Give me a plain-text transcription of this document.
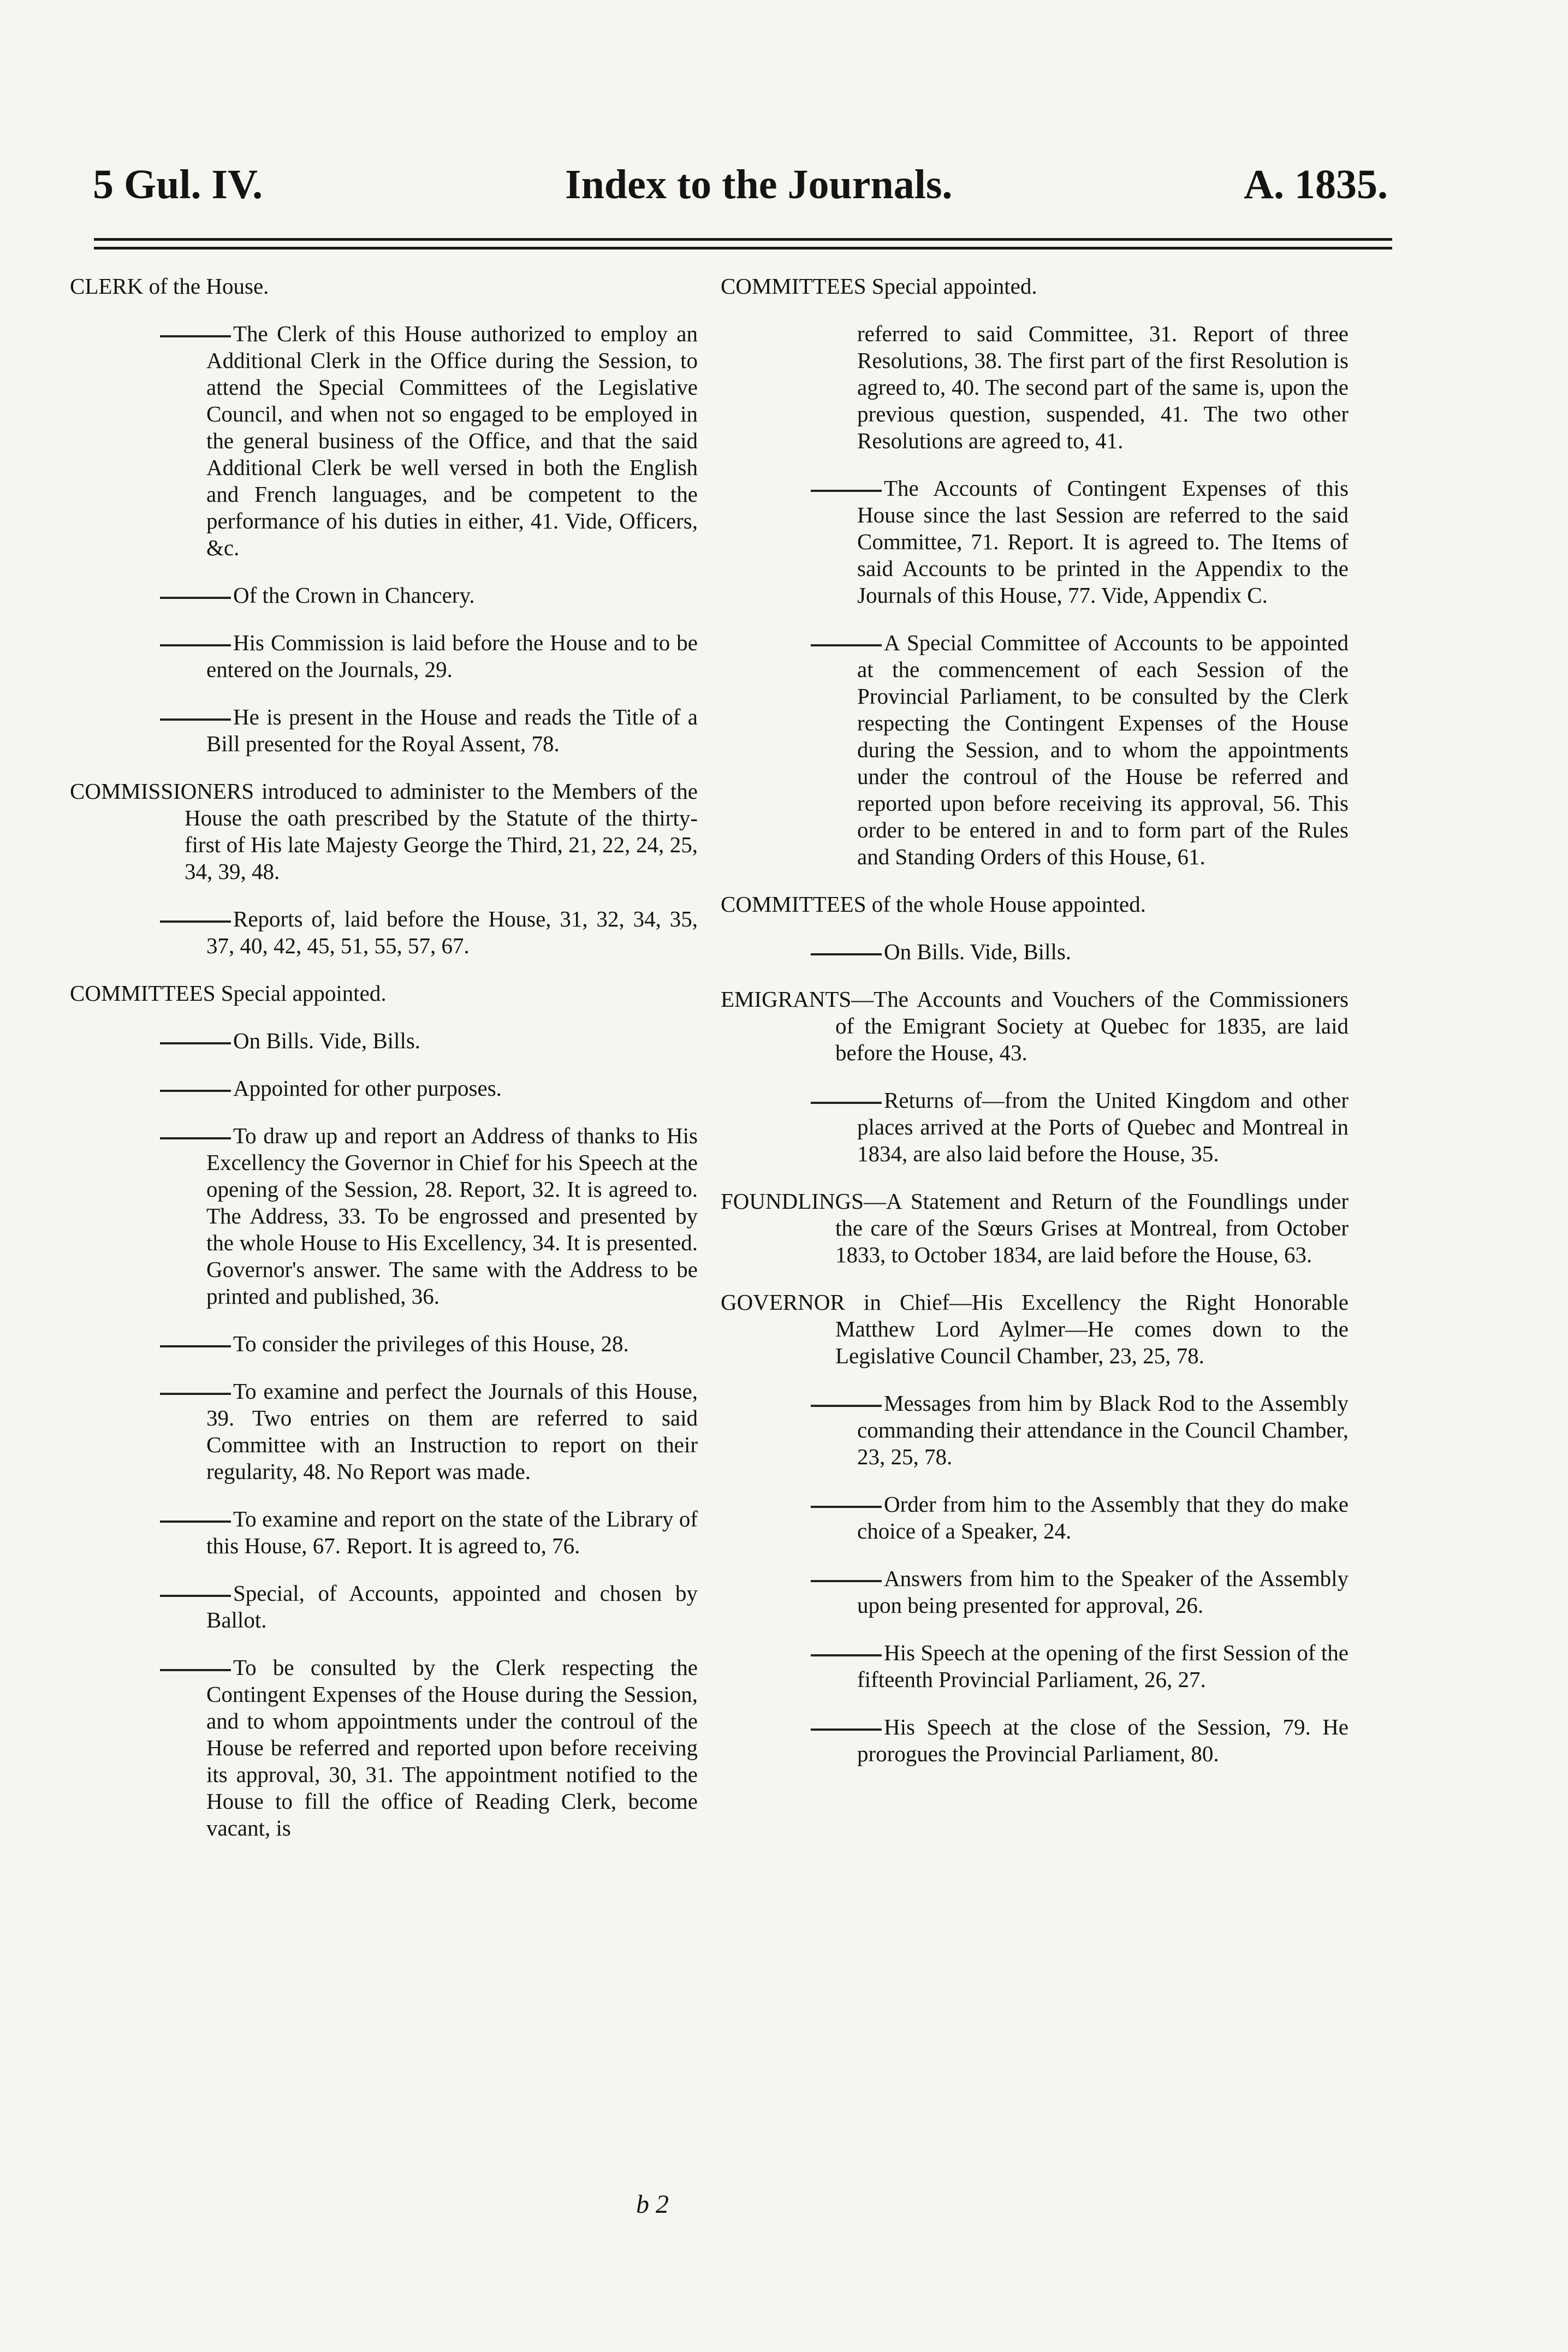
5 Gul. IV.	Index to the Journals.	A. 1835.

CLERK of the House.

The Clerk of this House authorized to employ an Additional Clerk in the Office during the Session, to attend the Special Committees of the Legislative Council, and when not so engaged to be employed in the general business of the Office, and that the said Additional Clerk be well versed in both the English and French languages, and be competent to the performance of his duties in either, 41. Vide, Officers, &c.

Of the Crown in Chancery.

His Commission is laid before the House and to be entered on the Journals, 29.

He is present in the House and reads the Title of a Bill presented for the Royal Assent, 78.

COMMISSIONERS introduced to administer to the Members of the House the oath prescribed by the Statute of the thirty-first of His late Majesty George the Third, 21, 22, 24, 25, 34, 39, 48.

Reports of, laid before the House, 31, 32, 34, 35, 37, 40, 42, 45, 51, 55, 57, 67.

COMMITTEES Special appointed.

On Bills. Vide, Bills.

Appointed for other purposes.

To draw up and report an Address of thanks to His Excellency the Governor in Chief for his Speech at the opening of the Session, 28. Report, 32. It is agreed to. The Address, 33. To be engrossed and presented by the whole House to His Excellency, 34. It is presented. Governor's answer. The same with the Address to be printed and published, 36.

To consider the privileges of this House, 28.

To examine and perfect the Journals of this House, 39. Two entries on them are referred to said Committee with an Instruction to report on their regularity, 48. No Report was made.

To examine and report on the state of the Library of this House, 67. Report. It is agreed to, 76.

Special, of Accounts, appointed and chosen by Ballot.

To be consulted by the Clerk respecting the Contingent Expenses of the House during the Session, and to whom appointments under the controul of the House be referred and reported upon before receiving its approval, 30, 31. The appointment notified to the House to fill the office of Reading Clerk, become vacant, is

COMMITTEES Special appointed.

referred to said Committee, 31. Report of three Resolutions, 38. The first part of the first Resolution is agreed to, 40. The second part of the same is, upon the previous question, suspended, 41. The two other Resolutions are agreed to, 41.

The Accounts of Contingent Expenses of this House since the last Session are referred to the said Committee, 71. Report. It is agreed to. The Items of said Accounts to be printed in the Appendix to the Journals of this House, 77. Vide, Appendix C.

A Special Committee of Accounts to be appointed at the commencement of each Session of the Provincial Parliament, to be consulted by the Clerk respecting the Contingent Expenses of the House during the Session, and to whom the appointments under the controul of the House be referred and reported upon before receiving its approval, 56. This order to be entered in and to form part of the Rules and Standing Orders of this House, 61.

COMMITTEES of the whole House appointed.

On Bills. Vide, Bills.

EMIGRANTS—The Accounts and Vouchers of the Commissioners of the Emigrant Society at Quebec for 1835, are laid before the House, 43.

Returns of—from the United Kingdom and other places arrived at the Ports of Quebec and Montreal in 1834, are also laid before the House, 35.

FOUNDLINGS—A Statement and Return of the Foundlings under the care of the Sœurs Grises at Montreal, from October 1833, to October 1834, are laid before the House, 63.

GOVERNOR in Chief—His Excellency the Right Honorable Matthew Lord Aylmer—He comes down to the Legislative Council Chamber, 23, 25, 78.

Messages from him by Black Rod to the Assembly commanding their attendance in the Council Chamber, 23, 25, 78.

Order from him to the Assembly that they do make choice of a Speaker, 24.

Answers from him to the Speaker of the Assembly upon being presented for approval, 26.

His Speech at the opening of the first Session of the fifteenth Provincial Parliament, 26, 27.

His Speech at the close of the Session, 79. He prorogues the Provincial Parliament, 80.

b 2
